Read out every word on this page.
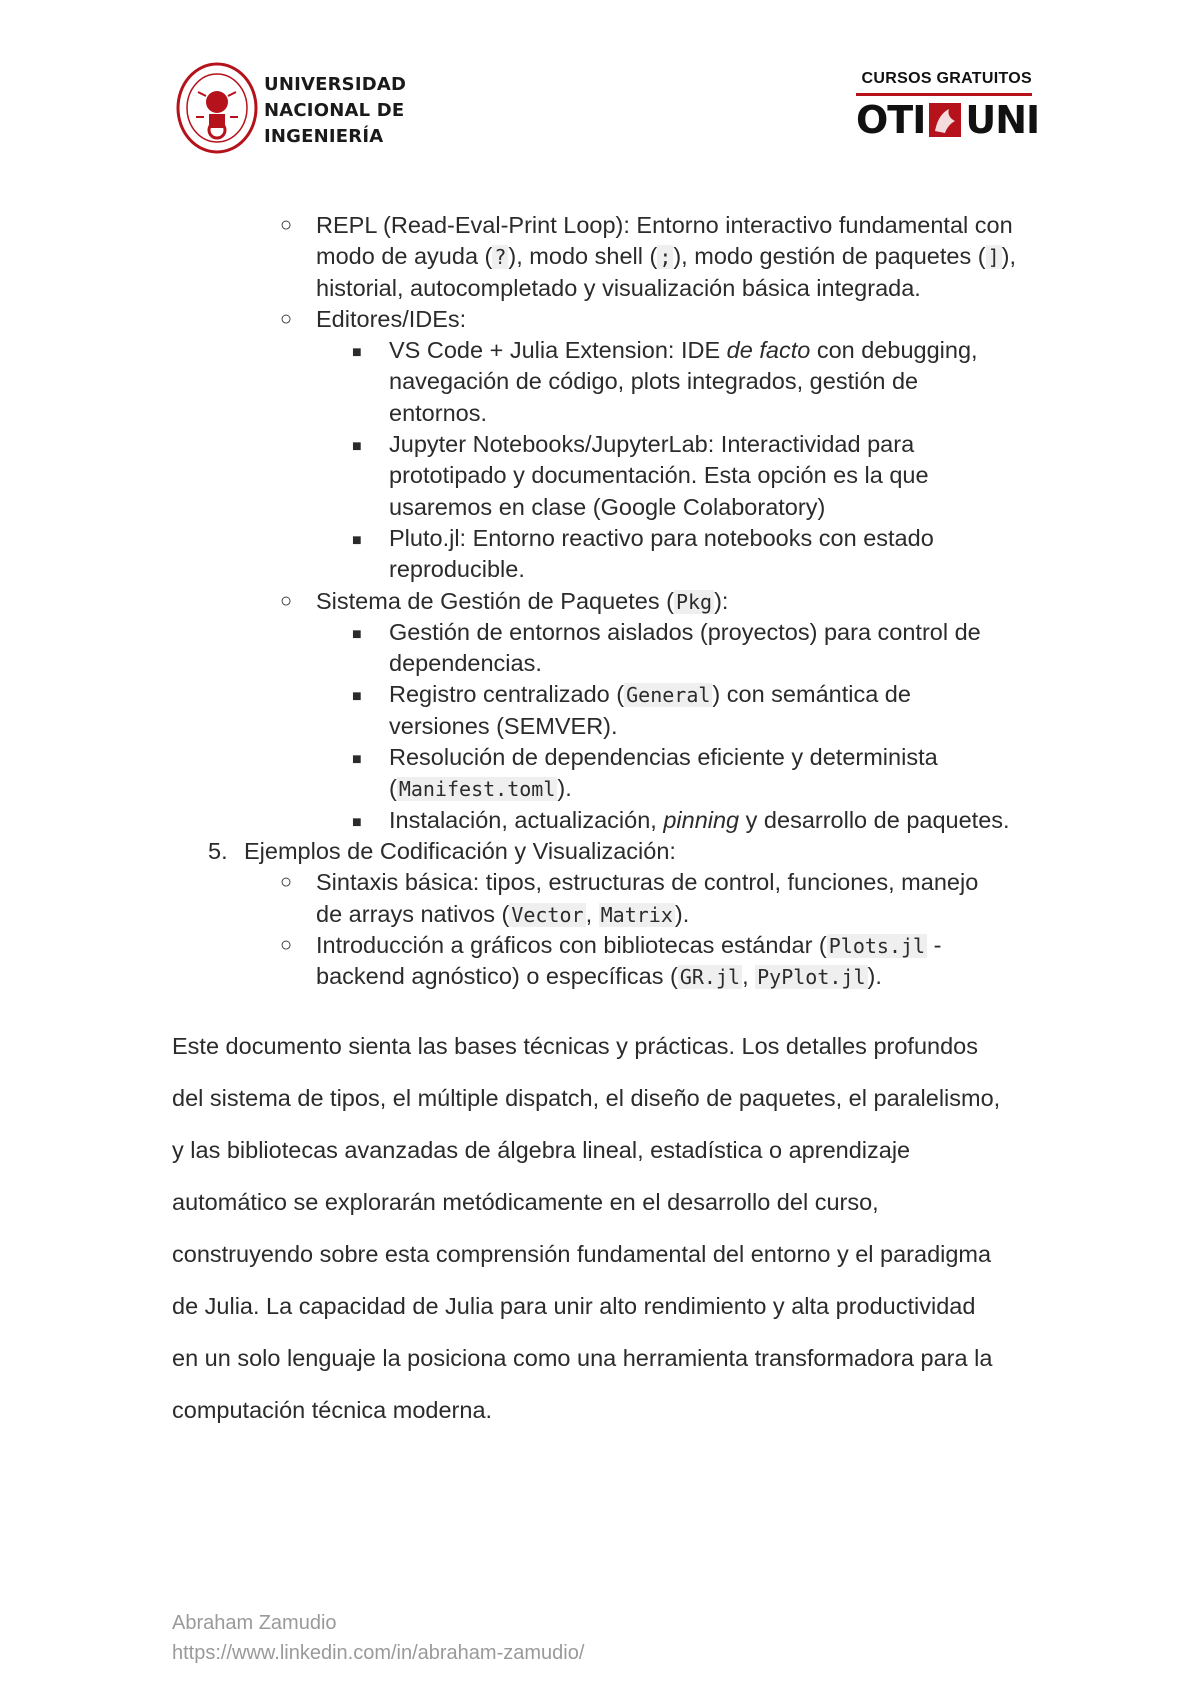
UNIVERSIDAD
NACIONAL DE
INGENIERÍA
CURSOS GRATUITOS
OTI UNI
○ REPL (Read-Eval-Print Loop): Entorno interactivo fundamental con
modo de ayuda ( ?), modo shell ( ;), modo gestión de paquetes ( ]),
historial, autocompletado y visualización básica integrada.
○ Editores/IDEs:
■ VS Code + Julia Extension: IDE de facto con debugging,
navegación de código, plots integrados, gestión de
entornos.
■ Jupyter Notebooks/JupyterLab: Interactividad para
prototipado y documentación. Esta opción es la que
usaremos en clase (Google Colaboratory)
■ Pluto.jl: Entorno reactivo para notebooks con estado
reproducible.
○ Sistema de Gestión de Paquetes ( Pkg):
■ Gestión de entornos aislados (proyectos) para control de
dependencias.
■ Registro centralizado ( General) con semántica de
versiones (SEMVER).
■ Resolución de dependencias eficiente y determinista
( Manifest.toml).
■ Instalación, actualización, pinning y desarrollo de paquetes.
5. Ejemplos de Codificación y Visualización:
○ Sintaxis básica: tipos, estructuras de control, funciones, manejo
de arrays nativos ( Vector, Matrix).
○ Introducción a gráficos con bibliotecas estándar ( Plots.jl -
backend agnóstico) o específicas ( GR.jl, PyPlot.jl).
Este documento sienta las bases técnicas y prácticas. Los detalles profundos
del sistema de tipos, el múltiple dispatch, el diseño de paquetes, el paralelismo,
y las bibliotecas avanzadas de álgebra lineal, estadística o aprendizaje
automático se explorarán metódicamente en el desarrollo del curso,
construyendo sobre esta comprensión fundamental del entorno y el paradigma
de Julia. La capacidad de Julia para unir alto rendimiento y alta productividad
en un solo lenguaje la posiciona como una herramienta transformadora para la
computación técnica moderna.
Abraham Zamudio
https://www.linkedin.com/in/abraham-zamudio/
